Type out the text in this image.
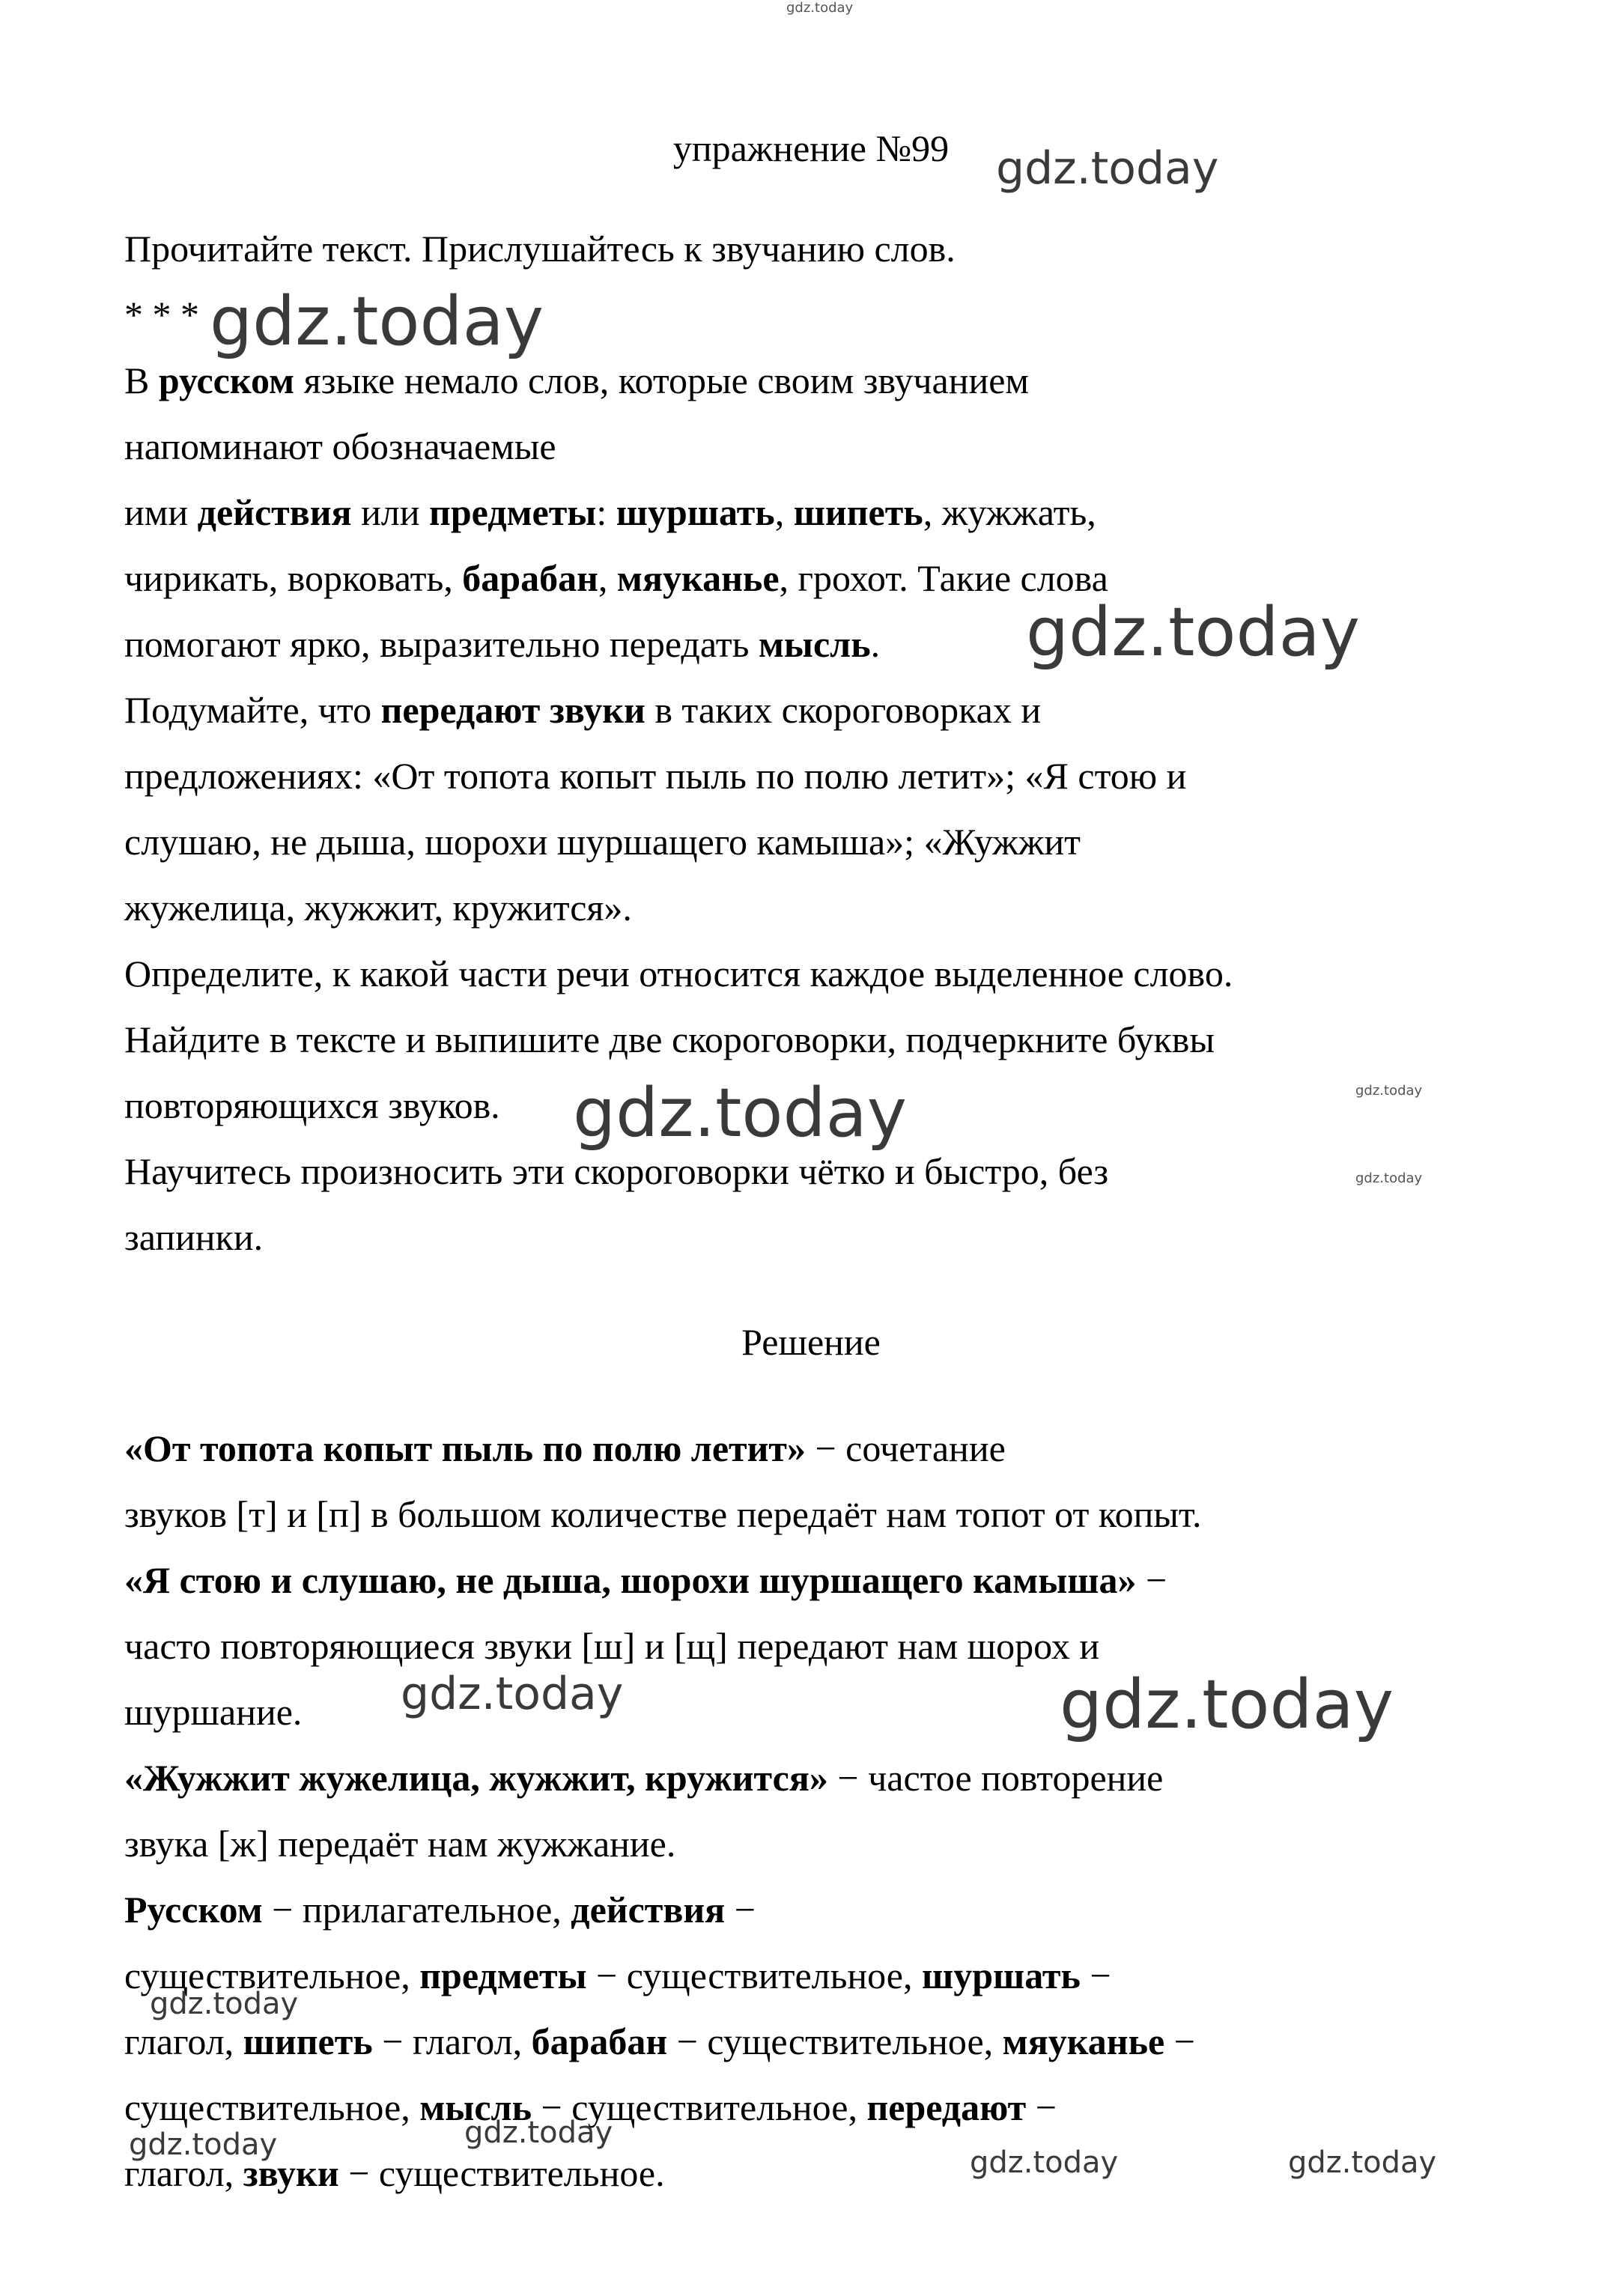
упражнение №99

Прочитайте текст. Прислушайтесь к звучанию слов.

* * *

В русском языке немало слов, которые своим звучанием

напоминают обозначаемые

ими действия или предметы: шуршать, шипеть, жужжать,

чирикать, ворковать, барабан, мяуканье, грохот. Такие слова

помогают ярко, выразительно передать мысль.

Подумайте, что передают звуки в таких скороговорках и

предложениях: «От топота копыт пыль по полю летит»; «Я стою и

слушаю, не дыша, шорохи шуршащего камыша»; «Жужжит

жужелица, жужжит, кружится».

Определите, к какой части речи относится каждое выделенное слово.

Найдите в тексте и выпишите две скороговорки, подчеркните буквы

повторяющихся звуков.

Научитесь произносить эти скороговорки чётко и быстро, без

запинки.

Решение

«От топота копыт пыль по полю летит» − сочетание

звуков [т] и [п] в большом количестве передаёт нам топот от копыт.

«Я стою и слушаю, не дыша, шорохи шуршащего камыша» −

часто повторяющиеся звуки [ш] и [щ] передают нам шорох и

шуршание.

«Жужжит жужелица, жужжит, кружится» − частое повторение

звука [ж] передаёт нам жужжание.

Русском − прилагательное, действия −

существительное, предметы − существительное, шуршать −

глагол, шипеть − глагол, барабан − существительное, мяуканье −

существительное, мысль − существительное, передают −

глагол, звуки − существительное.

gdz.today
gdz.today
gdz.today
gdz.today
gdz.today	gdz.today
gdz.today
gdz.today	gdz.today
gdz.today
gdz.today	gdz.today
gdz.today	gdz.today
